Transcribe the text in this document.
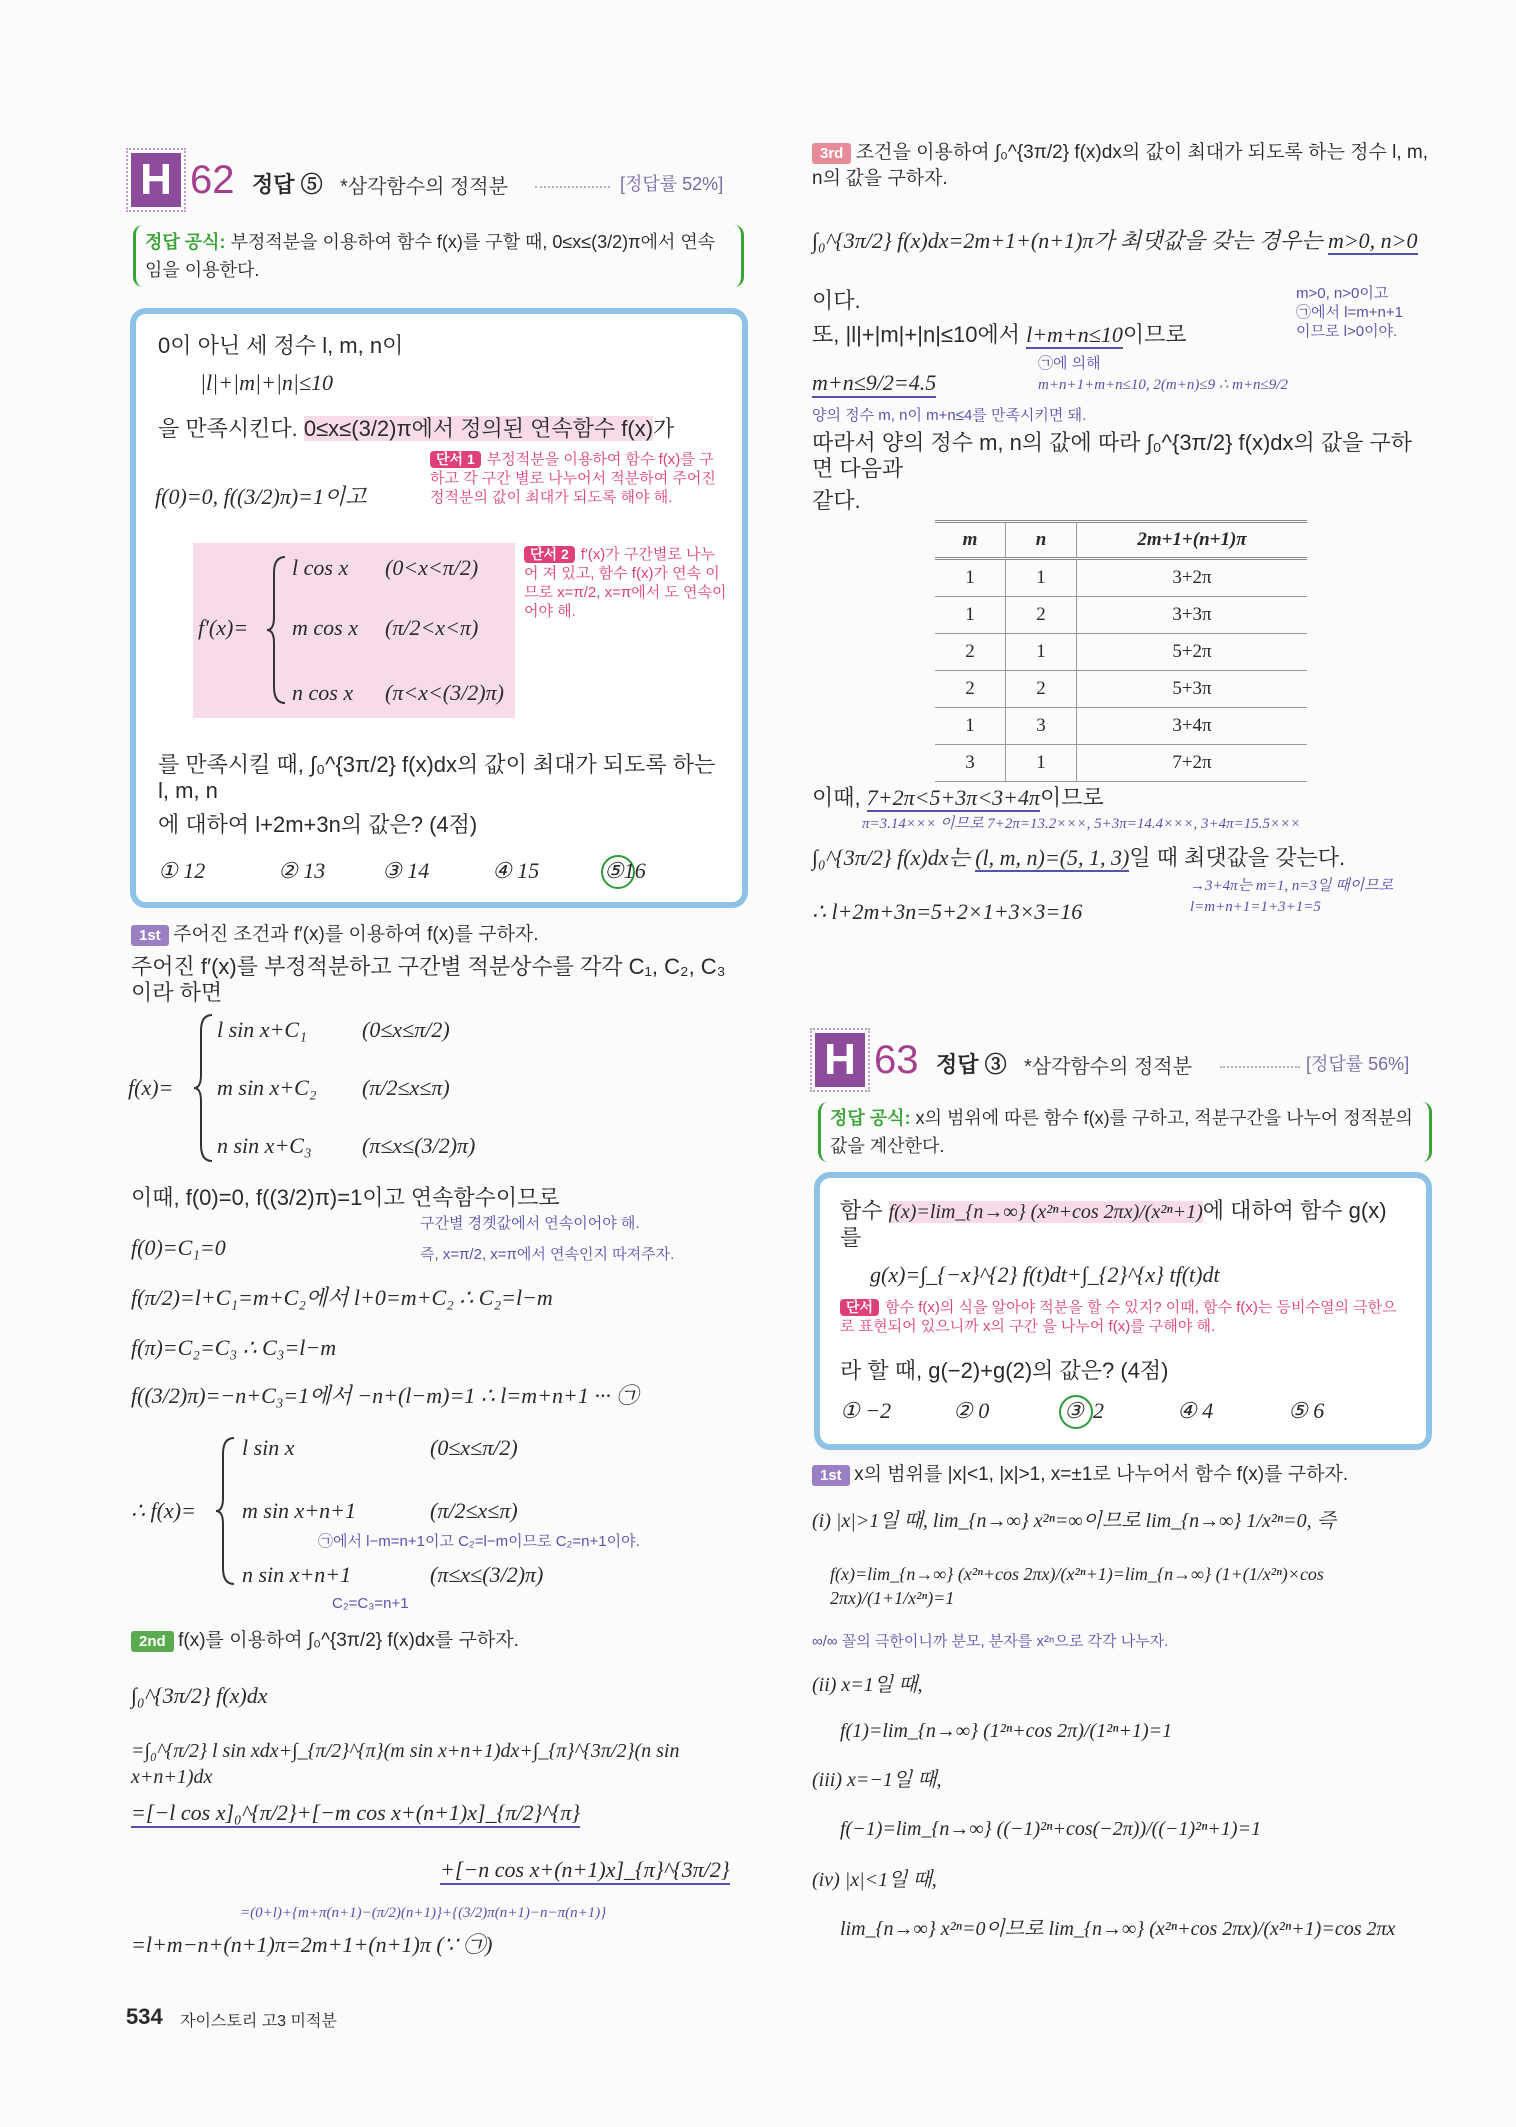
H 62 정답 ⑤ *삼각함수의 정적분	[정답률 52%]
정답 공식: 부정적분을 이용하여 함수 f(x)를 구할 때, 0≤x≤(3/2)π에서 연속임을 이용한다.
0이 아닌 세 정수 l, m, n이
|l|+|m|+|n|≤10
을 만족시킨다. 0≤x≤(3/2)π에서 정의된 연속함수 f(x)가
f(0)=0, f((3/2)π)=1이고
단서 1 부정적분을 이용하여 함수 f(x)를 구하고 각 구간 별로 나누어서 적분하여 주어진 정적분의 값이 최대가 되도록 해야 해.
f′(x)=
l cos x (0<x<π/2)
m cos x (π/2<x<π)
n cos x (π<x<(3/2)π)
단서 2 f′(x)가 구간별로 나누어 져 있고, 함수 f(x)가 연속 이므로 x=π/2, x=π에서 도 연속이어야 해.
를 만족시킬 때, ∫₀^{3π/2} f(x)dx의 값이 최대가 되도록 하는 l, m, n
에 대하여 l+2m+3n의 값은? (4점)
① 12	② 13	③ 14	④ 15	⑤16
1st 주어진 조건과 f′(x)를 이용하여 f(x)를 구하자.
주어진 f′(x)를 부정적분하고 구간별 적분상수를 각각 C₁, C₂, C₃이라 하면
f(x)=
l sin x+C₁	(0≤x≤π/2)
m sin x+C₂ (π/2≤x≤π)
n sin x+C₃ (π≤x≤(3/2)π)
이때, f(0)=0, f((3/2)π)=1이고 연속함수이므로
구간별 경곗값에서 연속이어야 해.
즉, x=π/2, x=π에서 연속인지 따져주자.
f(0)=C₁=0
f(π/2)=l+C₁=m+C₂에서 l+0=m+C₂ ∴ C₂=l−m
f(π)=C₂=C₃ ∴ C₃=l−m
f((3/2)π)=−n+C₃=1에서 −n+(l−m)=1 ∴ l=m+n+1 ··· ㉠
∴ f(x)=
l sin x	(0≤x≤π/2)
m sin x+n+1	(π/2≤x≤π)
㉠에서 l−m=n+1이고 C₂=l−m이므로 C₂=n+1이야.
n sin x+n+1	(π≤x≤(3/2)π)
C₂=C₃=n+1
2nd f(x)를 이용하여 ∫₀^{3π/2} f(x)dx를 구하자.
∫₀^{3π/2} f(x)dx
=∫₀^{π/2} l sin xdx+∫_{π/2}^{π}(m sin x+n+1)dx+∫_{π}^{3π/2}(n sin x+n+1)dx
=[−l cos x]₀^{π/2}+[−m cos x+(n+1)x]_{π/2}^{π}
+[−n cos x+(n+1)x]_{π}^{3π/2}
=(0+l)+{m+π(n+1)−(π/2)(n+1)}+{(3/2)π(n+1)−n−π(n+1)}
=l+m−n+(n+1)π=2m+1+(n+1)π (∵ ㉠)
534 자이스토리 고3 미적분
3rd 조건을 이용하여 ∫₀^{3π/2} f(x)dx의 값이 최대가 되도록 하는 정수 l, m, n의 값을 구하자.
∫₀^{3π/2} f(x)dx=2m+1+(n+1)π가 최댓값을 갖는 경우는 m>0, n>0
이다.	m>0, n>0이고
㉠에서 l=m+n+1
이므로 l>0이야.
또, |l|+|m|+|n|≤10에서 l+m+n≤10이므로
m+n≤9/2=4.5
㉠에 의해
m+n+1+m+n≤10, 2(m+n)≤9 ∴ m+n≤9/2
양의 정수 m, n이 m+n≤4를 만족시키면 돼.
따라서 양의 정수 m, n의 값에 따라 ∫₀^{3π/2} f(x)dx의 값을 구하면 다음과
같다.
m	n	2m+1+(n+1)π
1	1	3+2π
1	2	3+3π
2	1	5+2π
2	2	5+3π
1	3	3+4π
3	1	7+2π
이때, 7+2π<5+3π<3+4π이므로
π=3.14××× 이므로 7+2π=13.2×××, 5+3π=14.4×××, 3+4π=15.5×××
∫₀^{3π/2} f(x)dx는 (l, m, n)=(5, 1, 3)일 때 최댓값을 갖는다.
→3+4π는 m=1, n=3일 때이므로
l=m+n+1=1+3+1=5
∴ l+2m+3n=5+2×1+3×3=16
H 63 정답 ③ *삼각함수의 정적분	[정답률 56%]
정답 공식: x의 범위에 따른 함수 f(x)를 구하고, 적분구간을 나누어 정적분의 값을 계산한다.
함수 f(x)=lim_{n→∞} (x²ⁿ+cos 2πx)/(x²ⁿ+1)에 대하여 함수 g(x)를
g(x)=∫_{−x}^{2} f(t)dt+∫_{2}^{x} tf(t)dt
단서 함수 f(x)의 식을 알아야 적분을 할 수 있지? 이때, 함수 f(x)는 등비수열의 극한으로 표현되어 있으니까 x의 구간 을 나누어 f(x)를 구해야 해.
라 할 때, g(−2)+g(2)의 값은? (4점)
① −2	② 0	③ 2	④ 4	⑤ 6
1st x의 범위를 |x|<1, |x|>1, x=±1로 나누어서 함수 f(x)를 구하자.
(i) |x|>1일 때, lim_{n→∞} x²ⁿ=∞이므로 lim_{n→∞} 1/x²ⁿ=0, 즉
f(x)=lim_{n→∞} (x²ⁿ+cos 2πx)/(x²ⁿ+1)=lim_{n→∞} (1+(1/x²ⁿ)×cos 2πx)/(1+1/x²ⁿ)=1
∞/∞ 꼴의 극한이니까 분모, 분자를 x²ⁿ으로 각각 나누자.
(ii) x=1일 때,
f(1)=lim_{n→∞} (1²ⁿ+cos 2π)/(1²ⁿ+1)=1
(iii) x=−1일 때,
f(−1)=lim_{n→∞} ((−1)²ⁿ+cos(−2π))/((−1)²ⁿ+1)=1
(iv) |x|<1일 때,
lim_{n→∞} x²ⁿ=0이므로 lim_{n→∞} (x²ⁿ+cos 2πx)/(x²ⁿ+1)=cos 2πx
